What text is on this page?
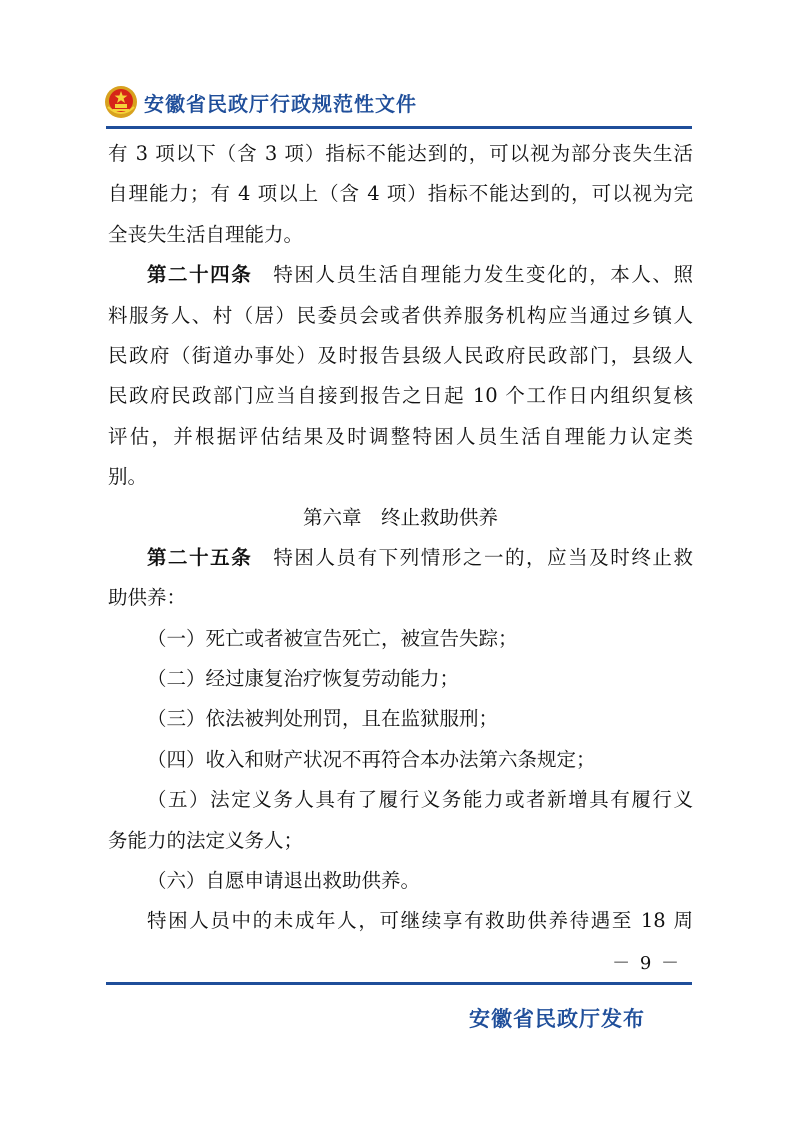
安徽省民政厅行政规范性文件
有 3 项以下（含 3 项）指标不能达到的，可以视为部分丧失生活
自理能力；有 4 项以上（含 4 项）指标不能达到的，可以视为完
全丧失生活自理能力。
第二十四条　 特困人员生活自理能力发生变化的，本人、照
料服务人、村（居）民委员会或者供养服务机构应当通过乡镇人
民政府（街道办事处）及时报告县级人民政府民政部门，县级人
民政府民政部门应当自接到报告之日起 10 个工作日内组织复核
评估，并根据评估结果及时调整特困人员生活自理能力认定类
别。
第六章　终止救助供养
第二十五条　 特困人员有下列情形之一的，应当及时终止救
助供养：
（一）死亡或者被宣告死亡，被宣告失踪；
（二）经过康复治疗恢复劳动能力；
（三）依法被判处刑罚，且在监狱服刑；
（四）收入和财产状况不再符合本办法第六条规定；
（五）法定义务人具有了履行义务能力或者新增具有履行义
务能力的法定义务人；
（六）自愿申请退出救助供养。
特困人员中的未成年人，可继续享有救助供养待遇至 18 周
－ 9 －
安徽省民政厅发布
